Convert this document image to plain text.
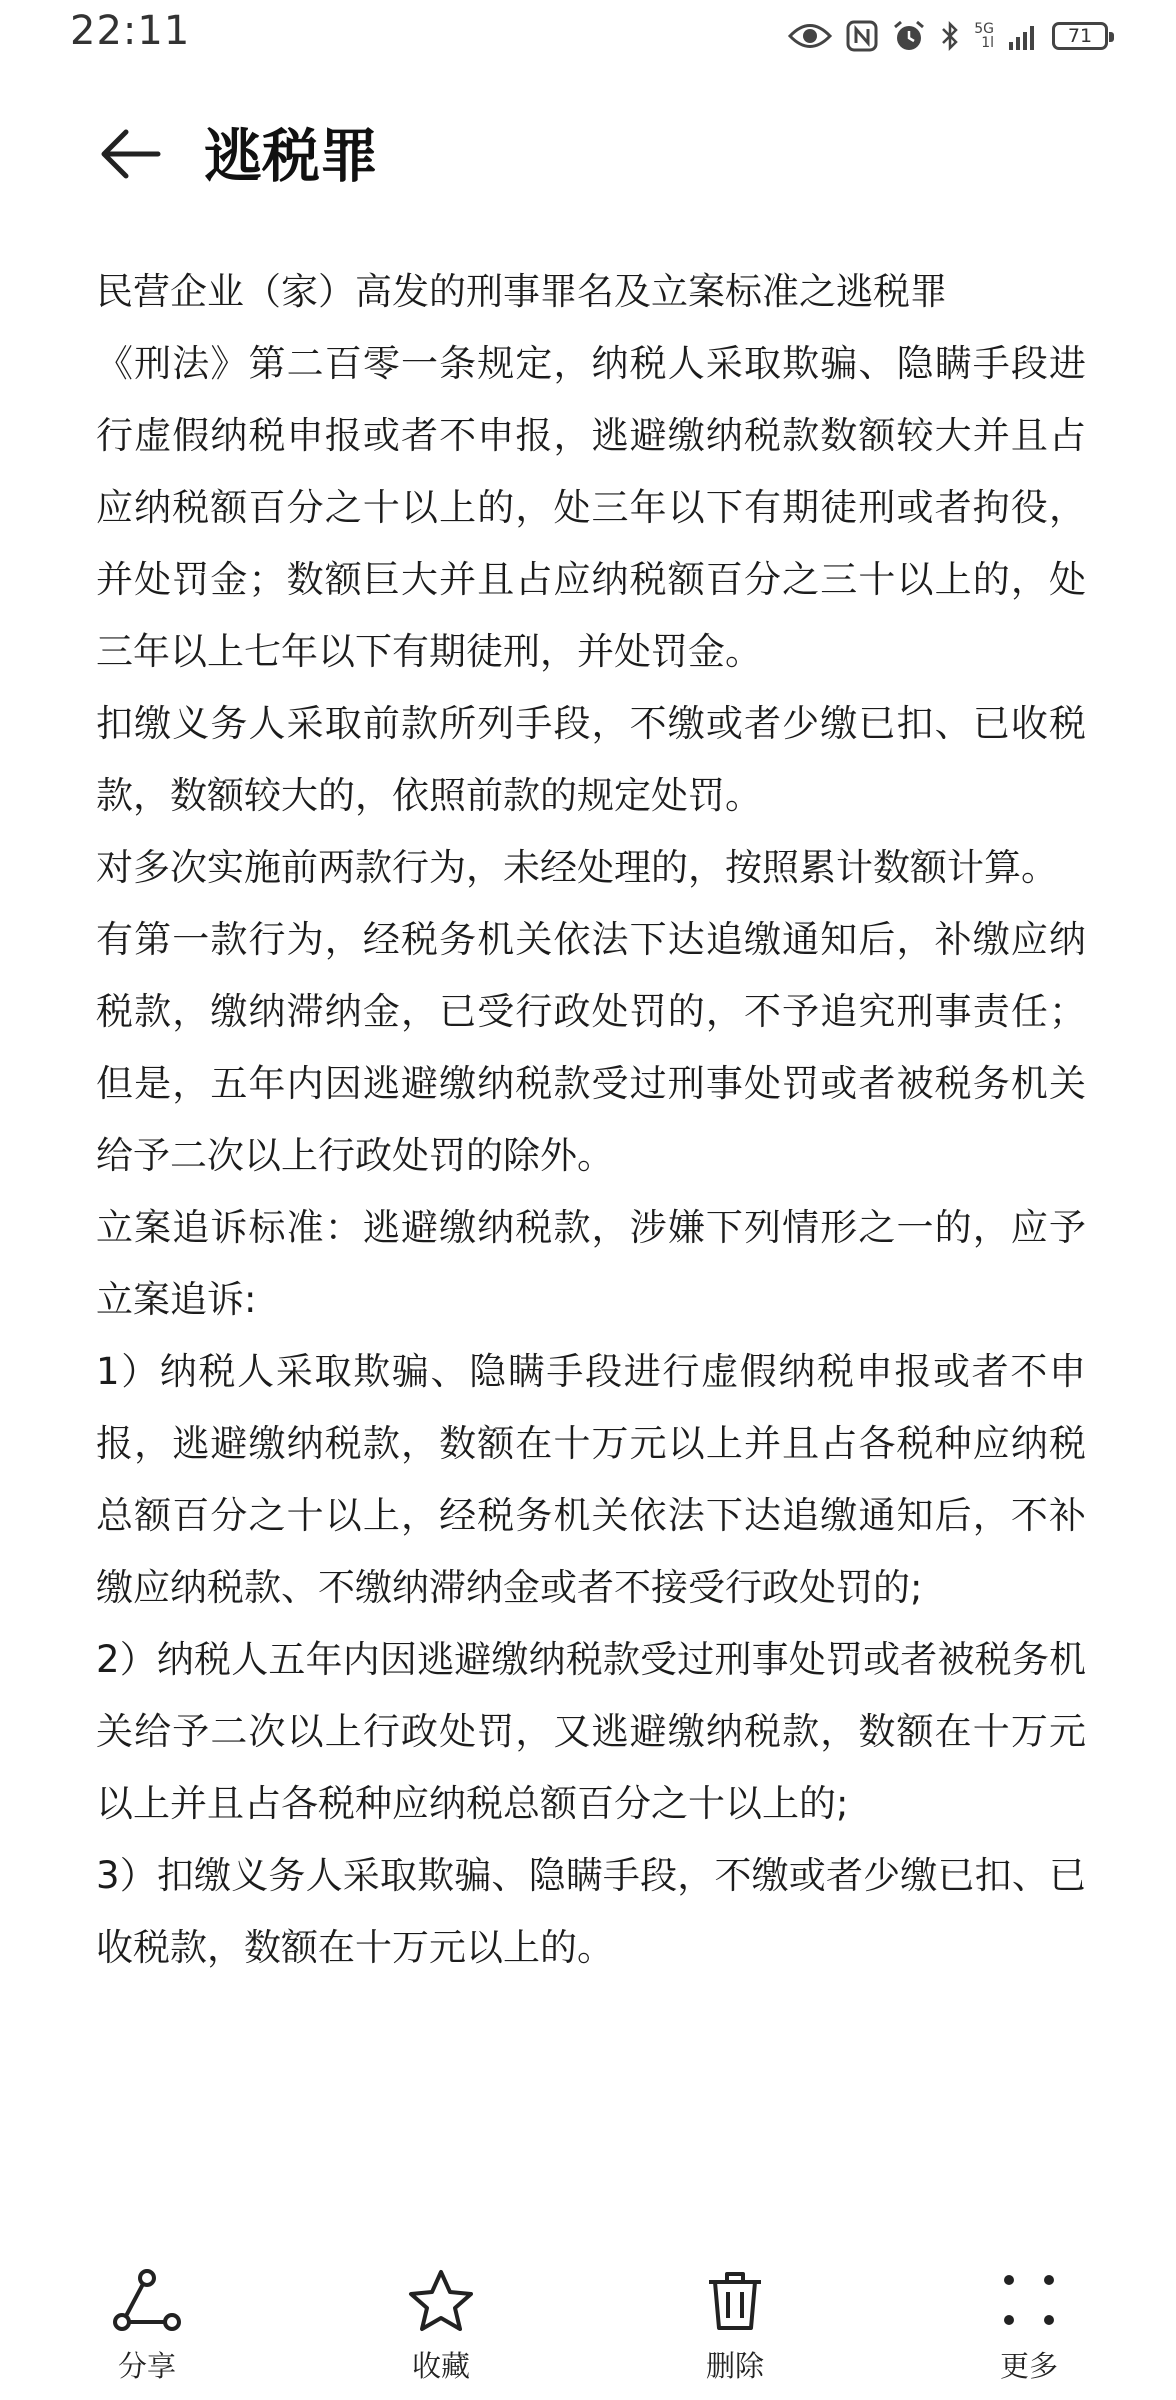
22:11	5G
1l	71
逃税罪

民营企业（家）高发的刑事罪名及立案标准之逃税罪

《刑法》第二百零一条规定，纳税人采取欺骗、隐瞒手段进行虚假纳税申报或者不申报，逃避缴纳税款数额较大并且占应纳税额百分之十以上的，处三年以下有期徒刑或者拘役，并处罚金；数额巨大并且占应纳税额百分之三十以上的，处三年以上七年以下有期徒刑，并处罚金。

扣缴义务人采取前款所列手段，不缴或者少缴已扣、已收税款，数额较大的，依照前款的规定处罚。

对多次实施前两款行为，未经处理的，按照累计数额计算。

有第一款行为，经税务机关依法下达追缴通知后，补缴应纳税款，缴纳滞纳金，已受行政处罚的，不予追究刑事责任；但是，五年内因逃避缴纳税款受过刑事处罚或者被税务机关给予二次以上行政处罚的除外。

立案追诉标准：逃避缴纳税款，涉嫌下列情形之一的，应予立案追诉:

1）纳税人采取欺骗、隐瞒手段进行虚假纳税申报或者不申报，逃避缴纳税款，数额在十万元以上并且占各税种应纳税总额百分之十以上，经税务机关依法下达追缴通知后，不补缴应纳税款、不缴纳滞纳金或者不接受行政处罚的;

2）纳税人五年内因逃避缴纳税款受过刑事处罚或者被税务机关给予二次以上行政处罚，又逃避缴纳税款，数额在十万元以上并且占各税种应纳税总额百分之十以上的;

3）扣缴义务人采取欺骗、隐瞒手段，不缴或者少缴已扣、已收税款，数额在十万元以上的。

分享	收藏	删除	更多
